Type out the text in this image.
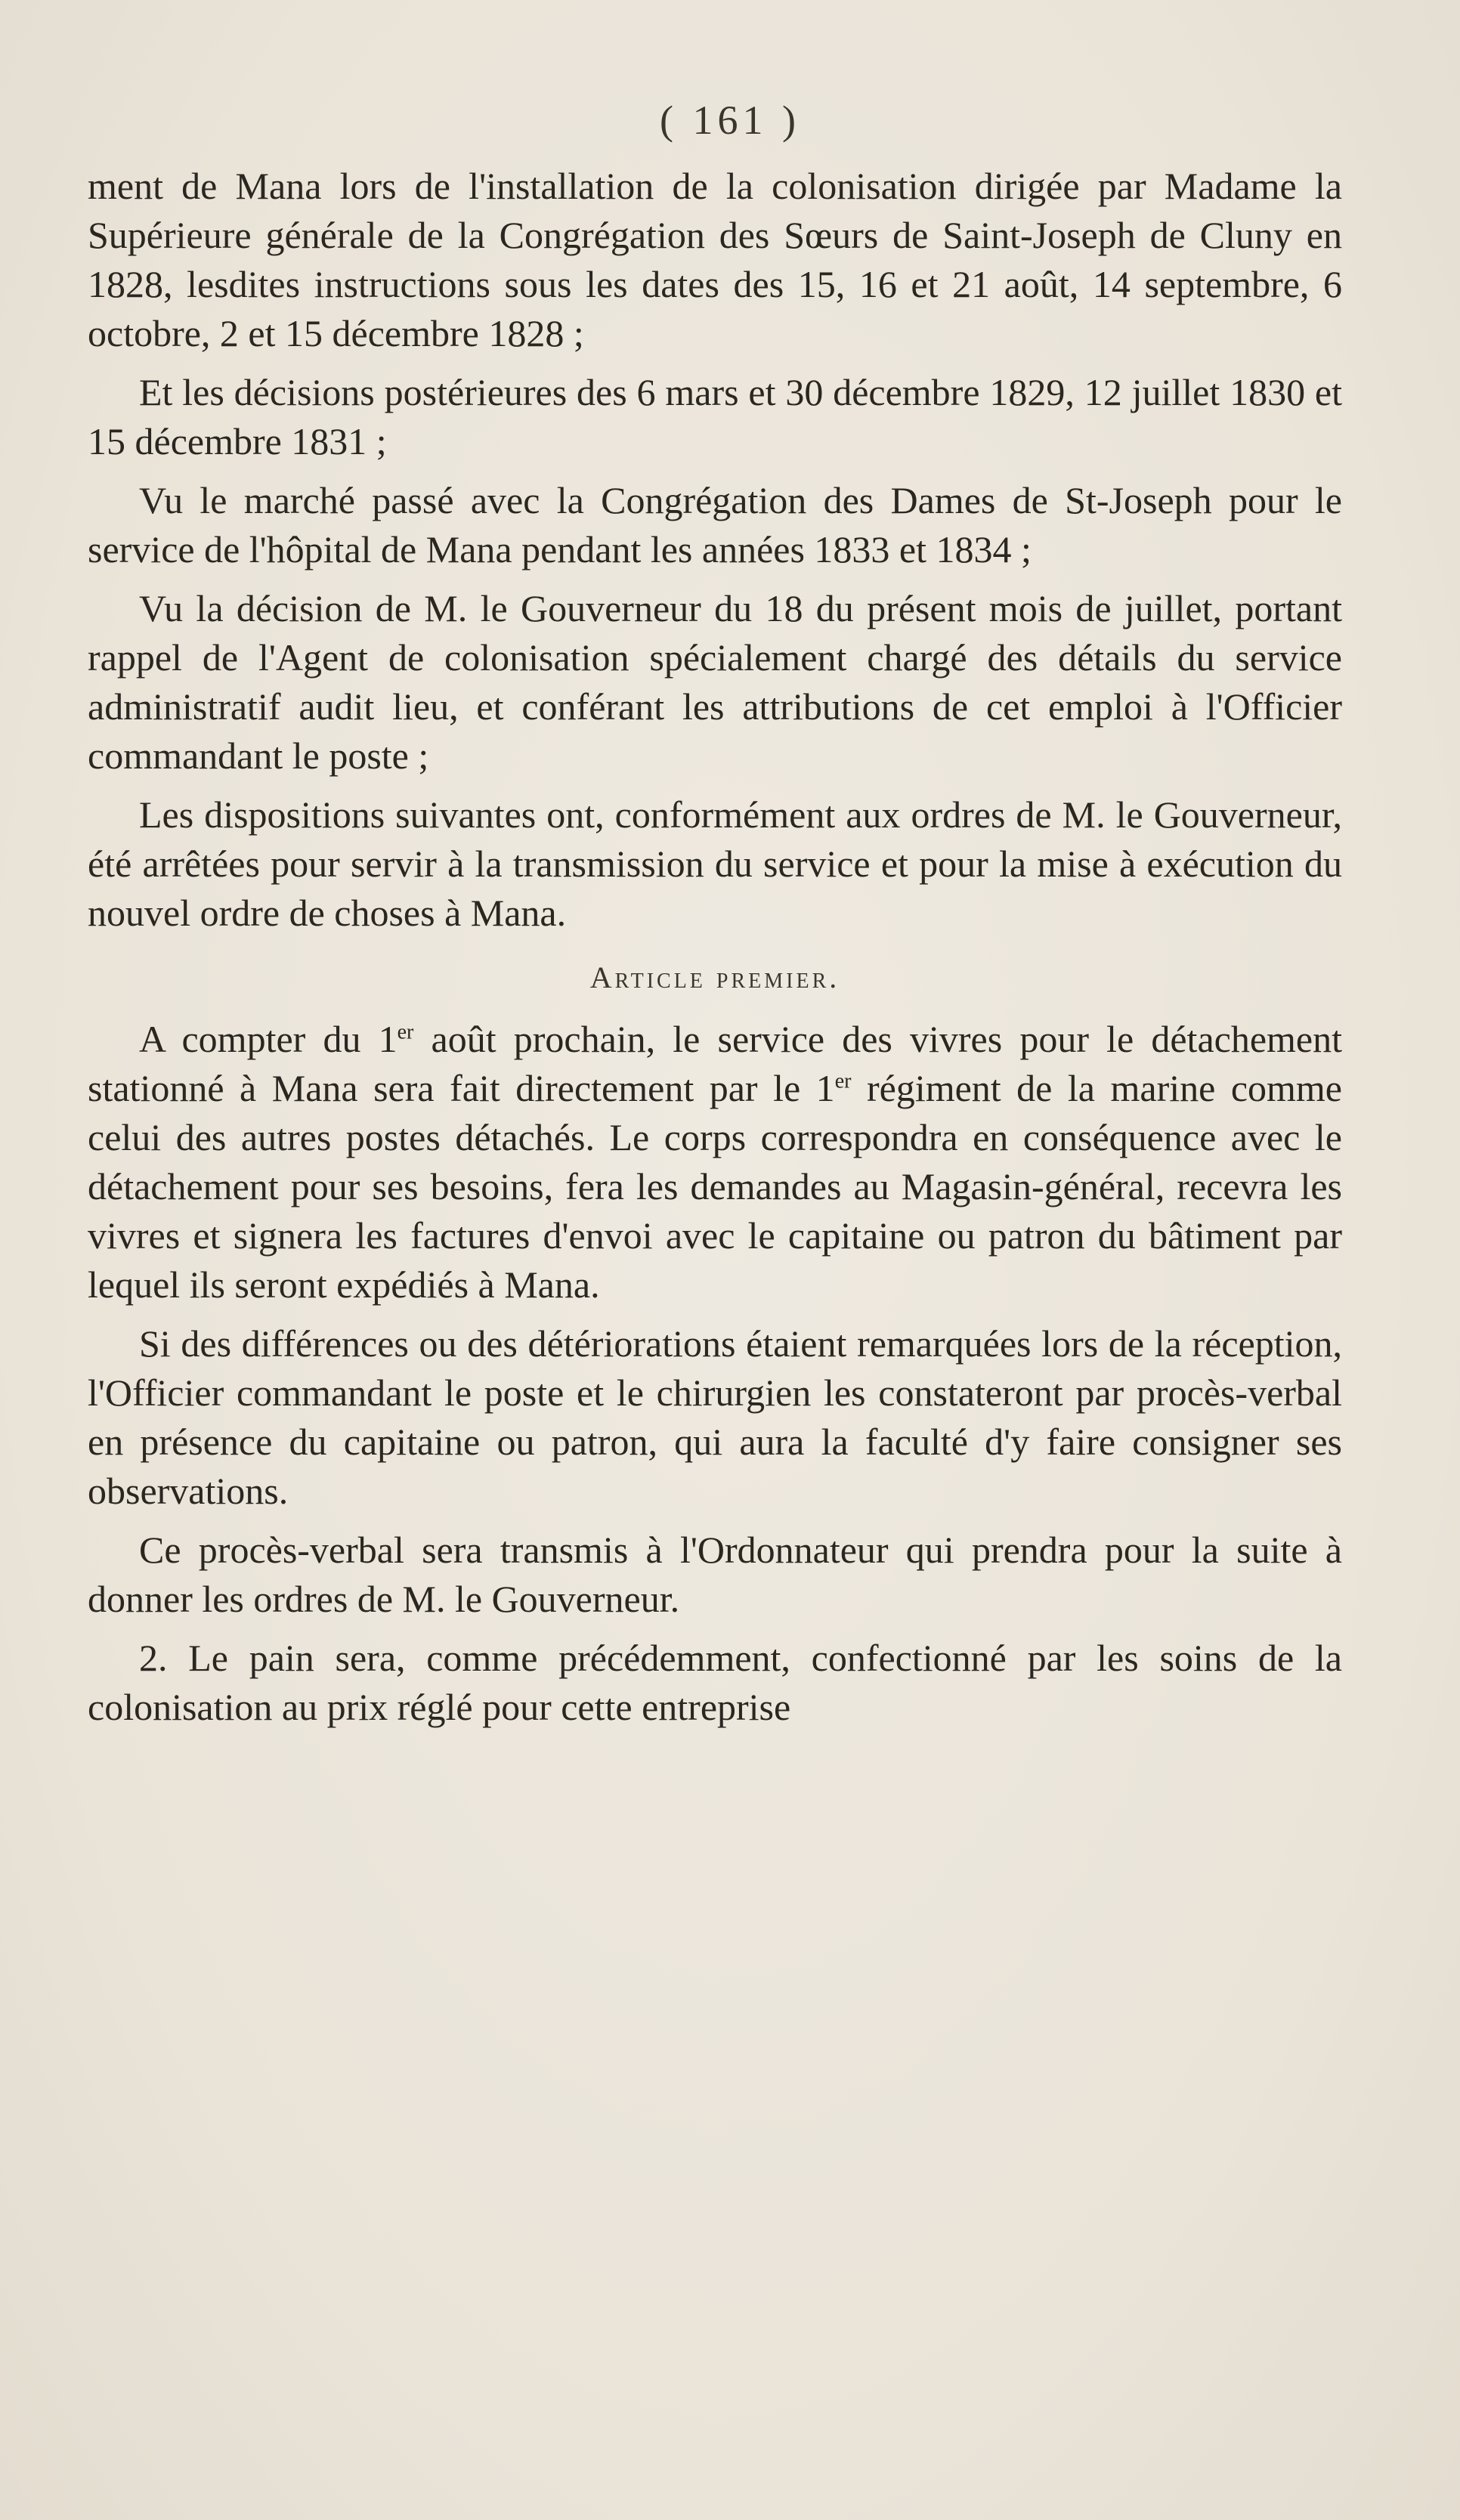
( 161 )

ment de Mana lors de l'installation de la colonisation dirigée par Madame la Supérieure générale de la Congrégation des Sœurs de Saint-Joseph de Cluny en 1828, lesdites instructions sous les dates des 15, 16 et 21 août, 14 septembre, 6 octobre, 2 et 15 décembre 1828 ;

Et les décisions postérieures des 6 mars et 30 décembre 1829, 12 juillet 1830 et 15 décembre 1831 ;

Vu le marché passé avec la Congrégation des Dames de St-Joseph pour le service de l'hôpital de Mana pendant les années 1833 et 1834 ;

Vu la décision de M. le Gouverneur du 18 du présent mois de juillet, portant rappel de l'Agent de colonisation spécialement chargé des détails du service administratif audit lieu, et conférant les attributions de cet emploi à l'Officier commandant le poste ;

Les dispositions suivantes ont, conformément aux ordres de M. le Gouverneur, été arrêtées pour servir à la transmission du service et pour la mise à exécution du nouvel ordre de choses à Mana.

Article premier.

A compter du 1er août prochain, le service des vivres pour le détachement stationné à Mana sera fait directement par le 1er régiment de la marine comme celui des autres postes détachés. Le corps correspondra en conséquence avec le détachement pour ses besoins, fera les demandes au Magasin-général, recevra les vivres et signera les factures d'envoi avec le capitaine ou patron du bâtiment par lequel ils seront expédiés à Mana.

Si des différences ou des détériorations étaient remarquées lors de la réception, l'Officier commandant le poste et le chirurgien les constateront par procès-verbal en présence du capitaine ou patron, qui aura la faculté d'y faire consigner ses observations.

Ce procès-verbal sera transmis à l'Ordonnateur qui prendra pour la suite à donner les ordres de M. le Gouverneur.

2. Le pain sera, comme précédemment, confectionné par les soins de la colonisation au prix réglé pour cette entreprise
